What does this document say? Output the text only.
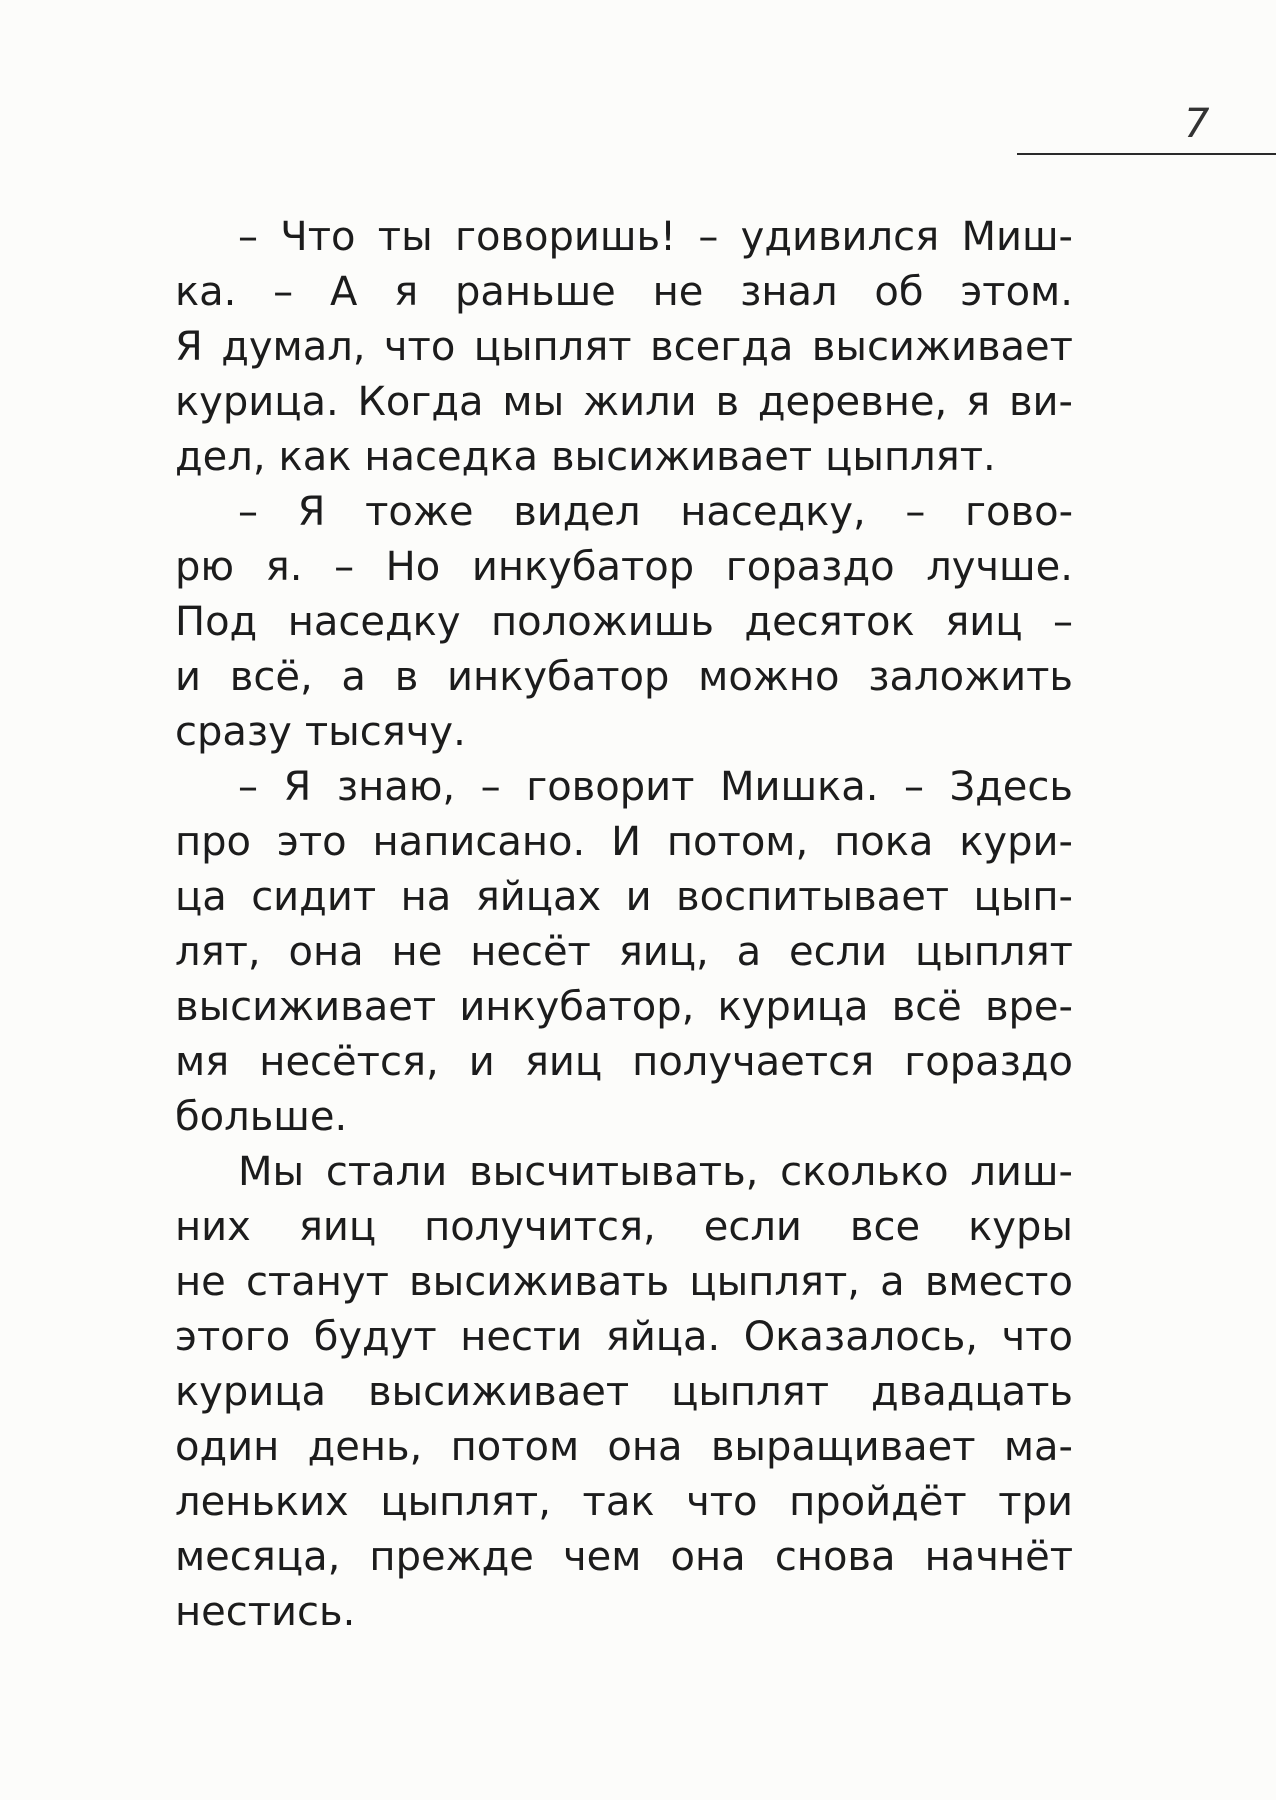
7
– Что ты говоришь! – удивился Миш-
ка. – А я раньше не знал об этом.
Я думал, что цыплят всегда высиживает
курица. Когда мы жили в деревне, я ви-
дел, как наседка высиживает цыплят.
– Я тоже видел наседку, – гово-
рю я. – Но инкубатор гораздо лучше.
Под наседку положишь десяток яиц –
и всё, а в инкубатор можно заложить
сразу тысячу.
– Я знаю, – говорит Мишка. – Здесь
про это написано. И потом, пока кури-
ца сидит на яйцах и воспитывает цып-
лят, она не несёт яиц, а если цыплят
высиживает инкубатор, курица всё вре-
мя несётся, и яиц получается гораздо
больше.
Мы стали высчитывать, сколько лиш-
них яиц получится, если все куры
не станут высиживать цыплят, а вместо
этого будут нести яйца. Оказалось, что
курица высиживает цыплят двадцать
один день, потом она выращивает ма-
леньких цыплят, так что пройдёт три
месяца, прежде чем она снова начнёт
нестись.
